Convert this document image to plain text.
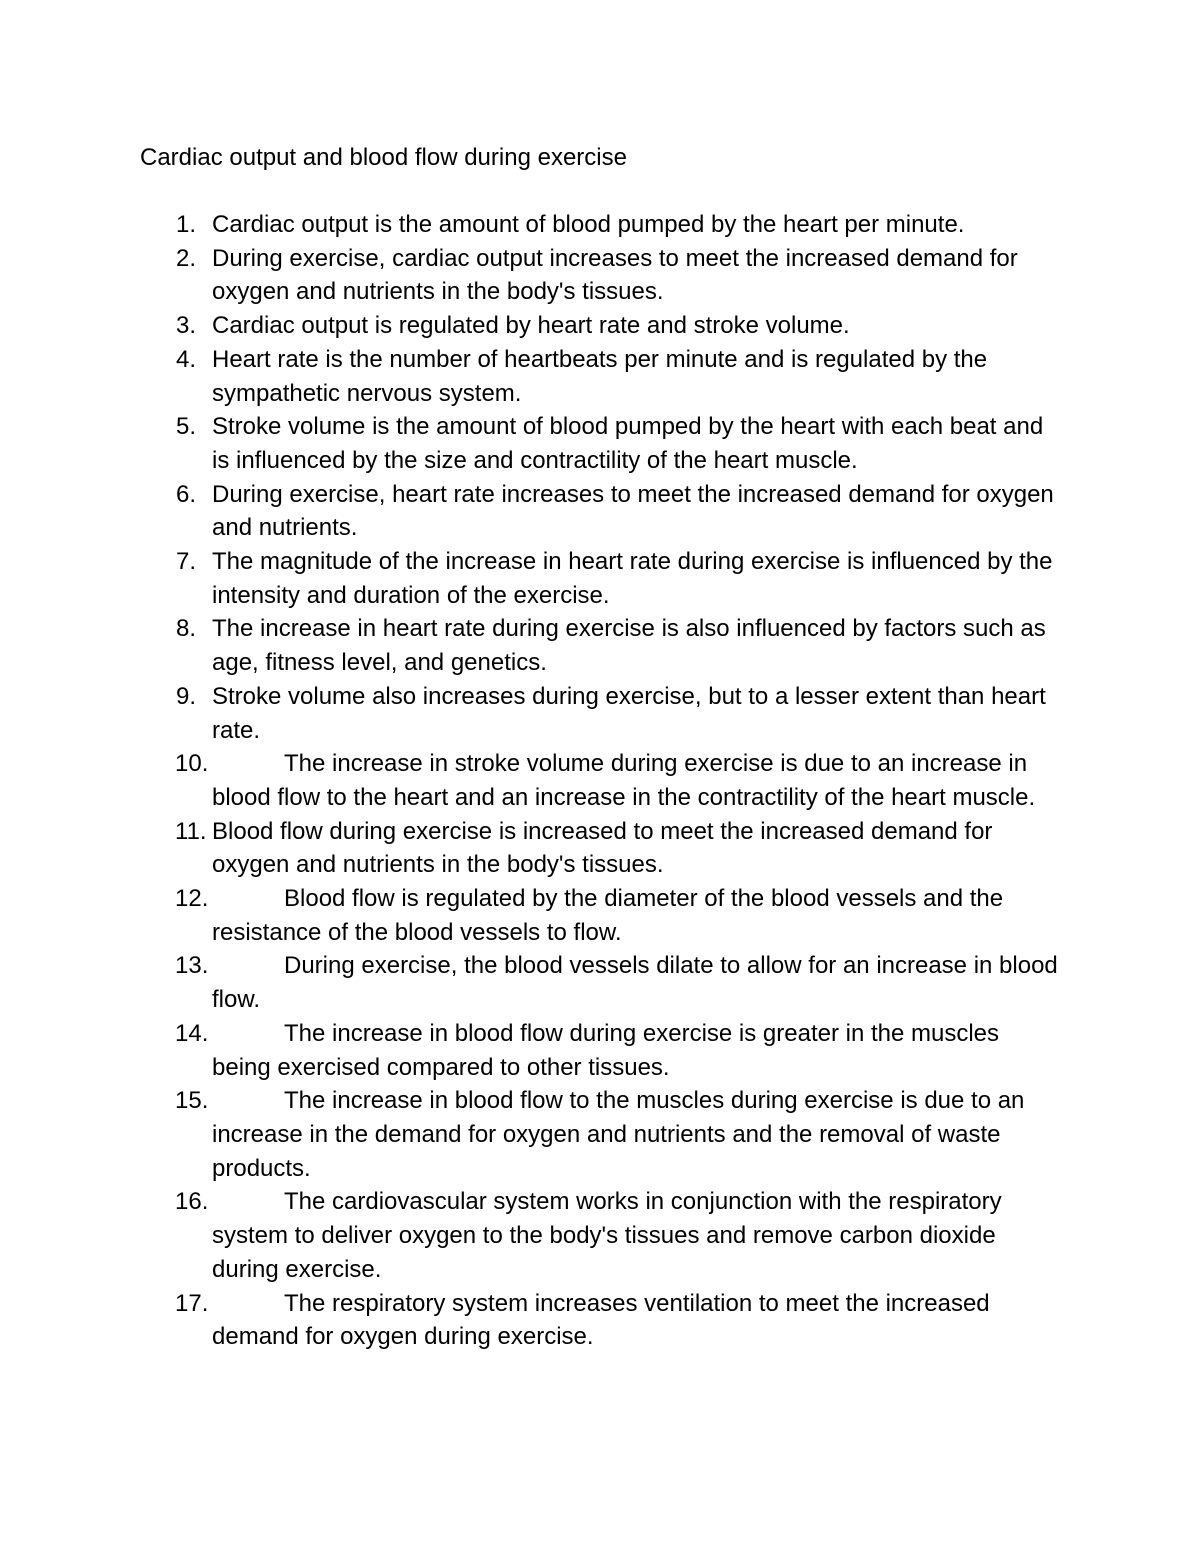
Cardiac output and blood flow during exercise
1. Cardiac output is the amount of blood pumped by the heart per minute.
2. During exercise, cardiac output increases to meet the increased demand for oxygen and nutrients in the body's tissues.
3. Cardiac output is regulated by heart rate and stroke volume.
4. Heart rate is the number of heartbeats per minute and is regulated by the sympathetic nervous system.
5. Stroke volume is the amount of blood pumped by the heart with each beat and is influenced by the size and contractility of the heart muscle.
6. During exercise, heart rate increases to meet the increased demand for oxygen and nutrients.
7. The magnitude of the increase in heart rate during exercise is influenced by the intensity and duration of the exercise.
8. The increase in heart rate during exercise is also influenced by factors such as age, fitness level, and genetics.
9. Stroke volume also increases during exercise, but to a lesser extent than heart rate.
10.	The increase in stroke volume during exercise is due to an increase in blood flow to the heart and an increase in the contractility of the heart muscle.
11. Blood flow during exercise is increased to meet the increased demand for oxygen and nutrients in the body's tissues.
12.	Blood flow is regulated by the diameter of the blood vessels and the resistance of the blood vessels to flow.
13.	During exercise, the blood vessels dilate to allow for an increase in blood flow.
14.	The increase in blood flow during exercise is greater in the muscles being exercised compared to other tissues.
15.	The increase in blood flow to the muscles during exercise is due to an increase in the demand for oxygen and nutrients and the removal of waste products.
16.	The cardiovascular system works in conjunction with the respiratory system to deliver oxygen to the body's tissues and remove carbon dioxide during exercise.
17.	The respiratory system increases ventilation to meet the increased demand for oxygen during exercise.
